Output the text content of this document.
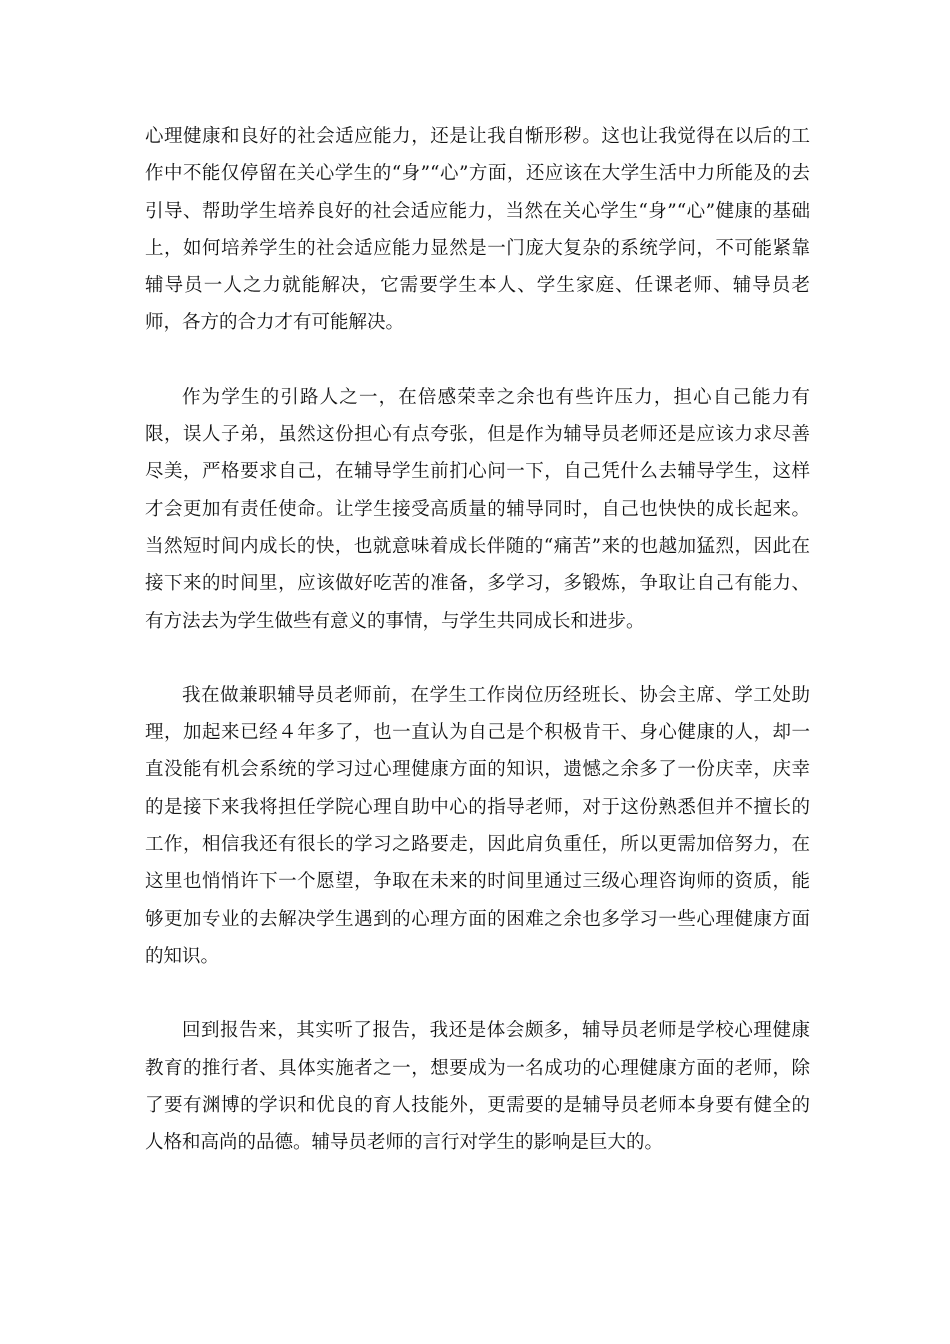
心理健康和良好的社会适应能力，还是让我自惭形秽。这也让我觉得在以后的工作中不能仅停留在关心学生的“身”“心”方面，还应该在大学生活中力所能及的去引导、帮助学生培养良好的社会适应能力，当然在关心学生“身”“心”健康的基础上，如何培养学生的社会适应能力显然是一门庞大复杂的系统学问，不可能紧靠辅导员一人之力就能解决，它需要学生本人、学生家庭、任课老师、辅导员老师，各方的合力才有可能解决。

作为学生的引路人之一，在倍感荣幸之余也有些许压力，担心自己能力有限，误人子弟，虽然这份担心有点夸张，但是作为辅导员老师还是应该力求尽善尽美，严格要求自己，在辅导学生前扪心问一下，自己凭什么去辅导学生，这样才会更加有责任使命。让学生接受高质量的辅导同时，自己也快快的成长起来。当然短时间内成长的快，也就意味着成长伴随的“痛苦”来的也越加猛烈，因此在接下来的时间里，应该做好吃苦的准备，多学习，多锻炼，争取让自己有能力、有方法去为学生做些有意义的事情，与学生共同成长和进步。

我在做兼职辅导员老师前，在学生工作岗位历经班长、协会主席、学工处助理，加起来已经４年多了，也一直认为自己是个积极肯干、身心健康的人，却一直没能有机会系统的学习过心理健康方面的知识，遗憾之余多了一份庆幸，庆幸的是接下来我将担任学院心理自助中心的指导老师，对于这份熟悉但并不擅长的工作，相信我还有很长的学习之路要走，因此肩负重任，所以更需加倍努力，在这里也悄悄许下一个愿望，争取在未来的时间里通过三级心理咨询师的资质，能够更加专业的去解决学生遇到的心理方面的困难之余也多学习一些心理健康方面的知识。

回到报告来，其实听了报告，我还是体会颇多，辅导员老师是学校心理健康教育的推行者、具体实施者之一，想要成为一名成功的心理健康方面的老师，除了要有渊博的学识和优良的育人技能外，更需要的是辅导员老师本身要有健全的人格和高尚的品德。辅导员老师的言行对学生的影响是巨大的。
